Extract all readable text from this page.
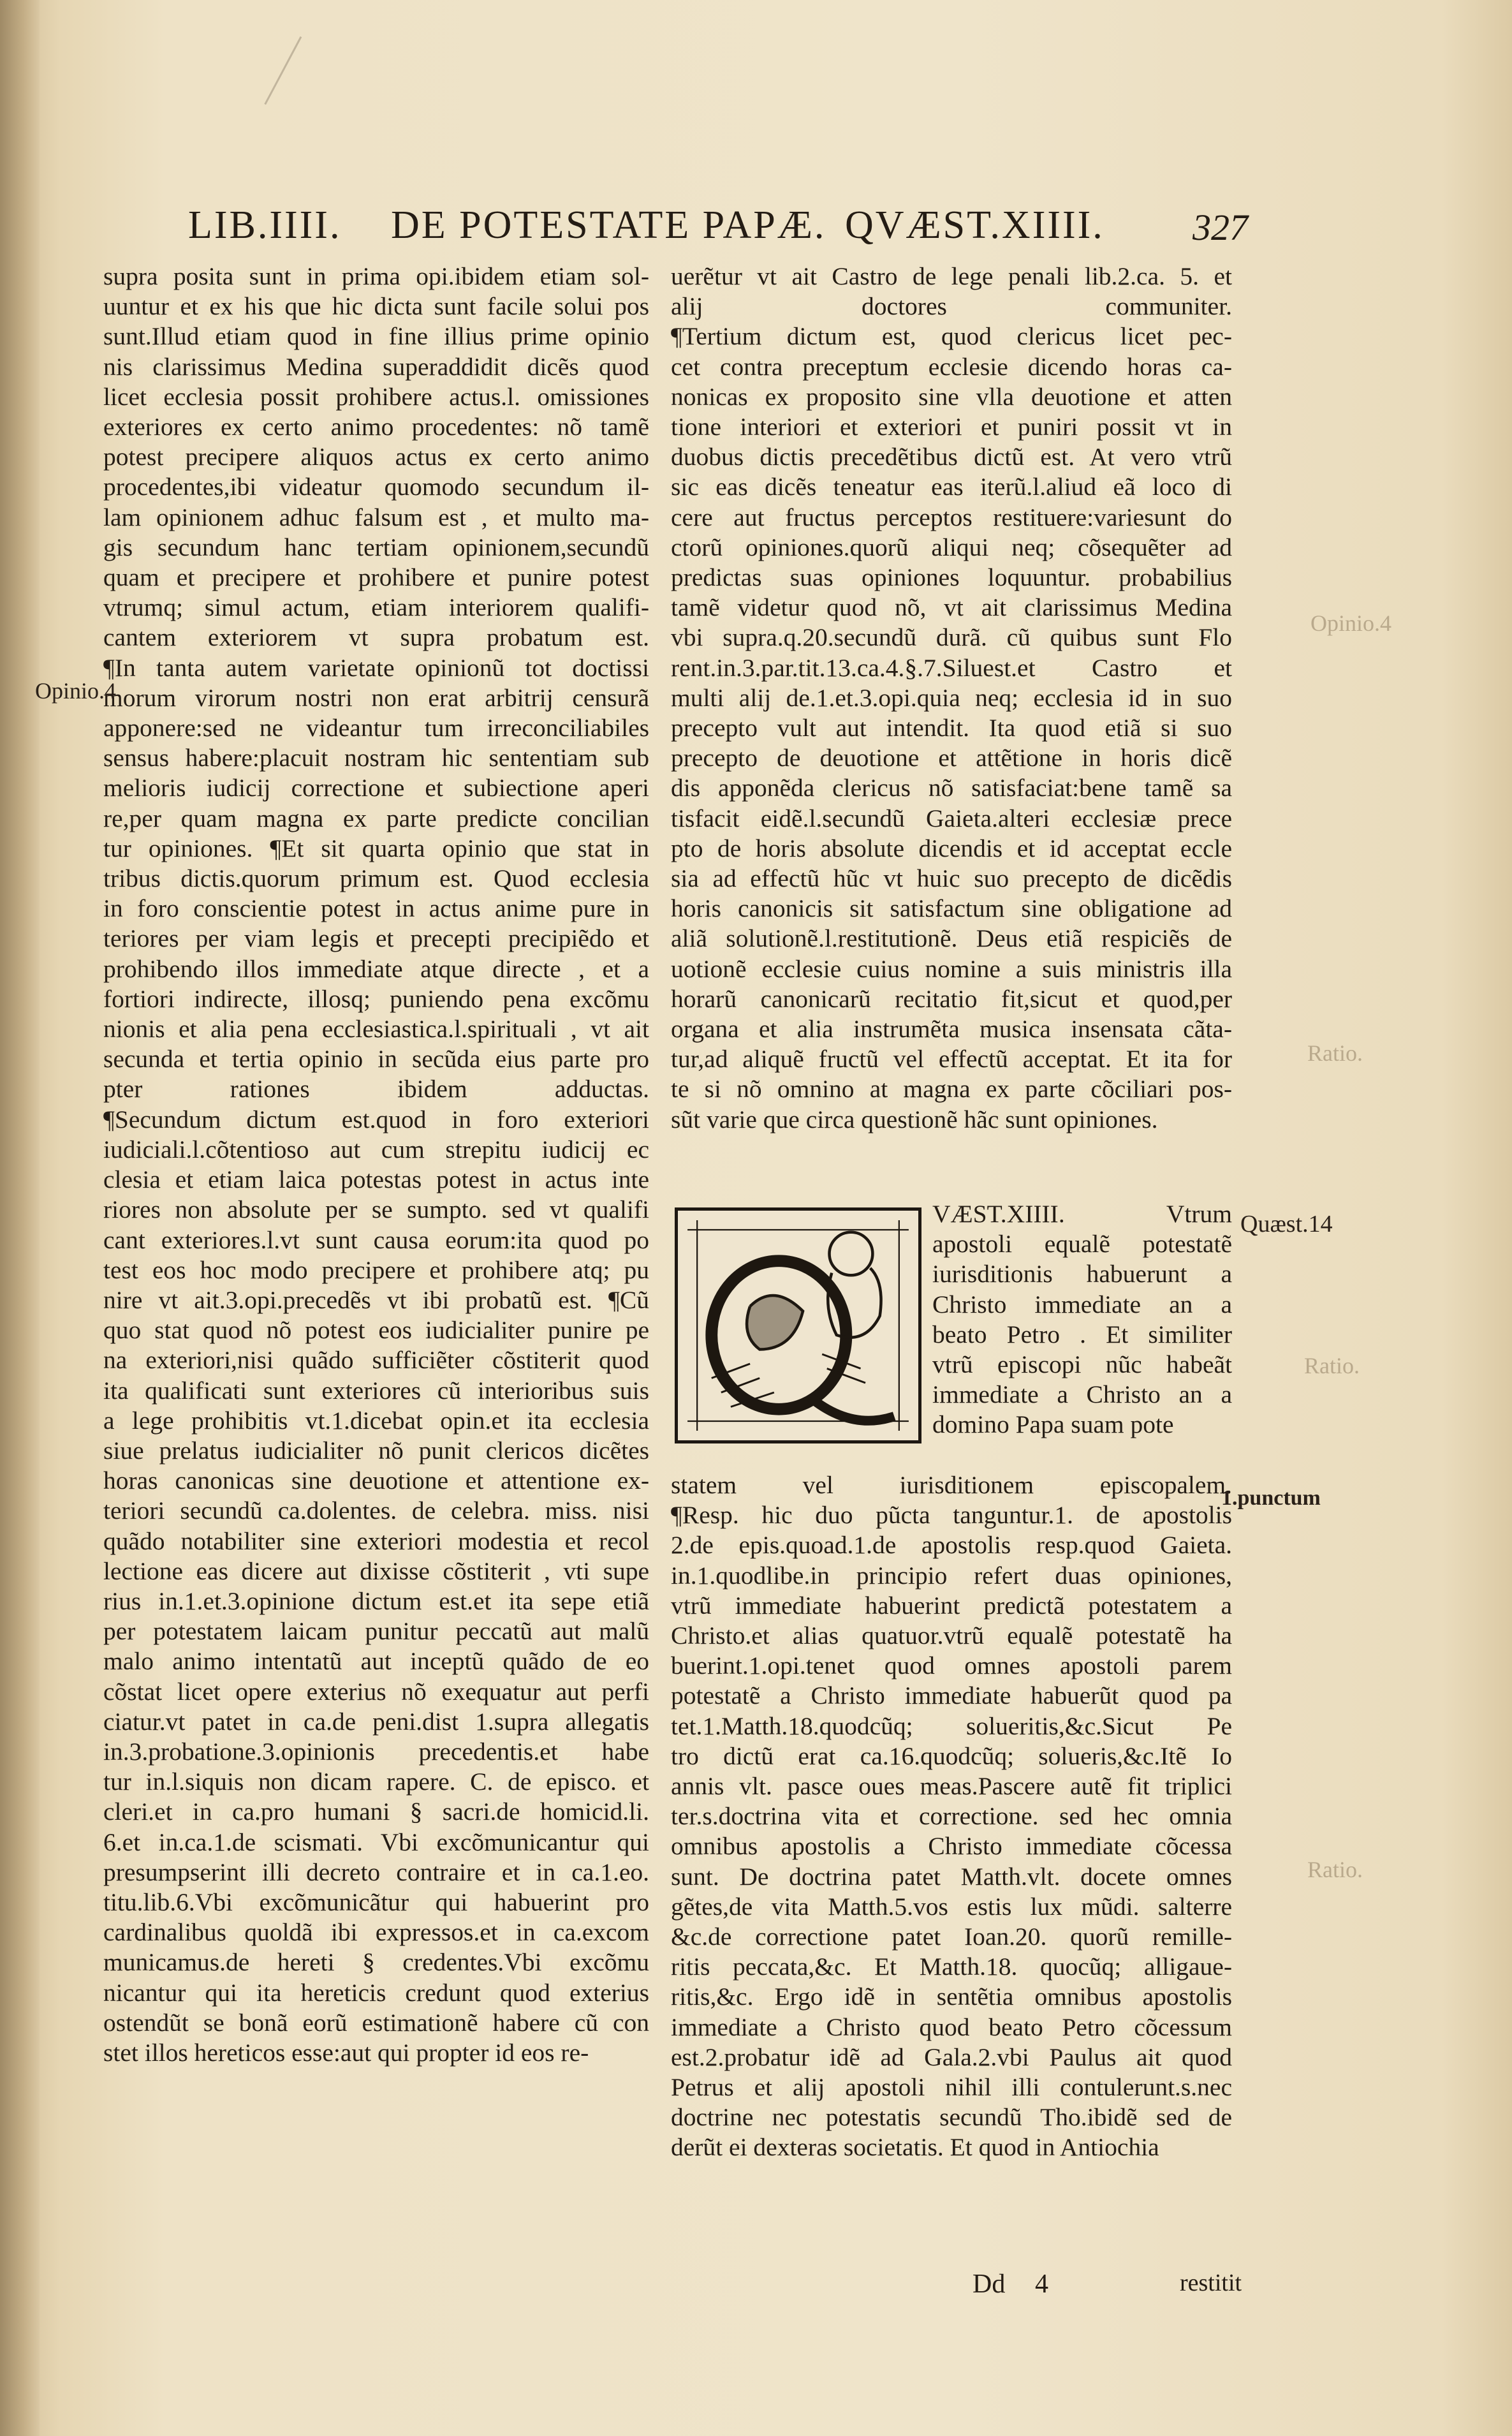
LIB.IIII. DE POTESTATE PAPÆ. QVÆST.XIIII. 327

supra posita sunt in prima opi.ibidem etiam sol-

uuntur et ex his que hic dicta sunt facile solui pos

sunt.Illud etiam quod in fine illius prime opinio

nis clarissimus Medina superaddidit dicẽs quod

licet ecclesia possit prohibere actus.l. omissiones

exteriores ex certo animo procedentes: nõ tamẽ

potest precipere aliquos actus ex certo animo

procedentes,ibi videatur quomodo secundum il-

lam opinionem adhuc falsum est , et multo ma-

gis secundum hanc tertiam opinionem,secundũ

quam et precipere et prohibere et punire potest

vtrumq; simul actum, etiam interiorem qualifi-

cantem exteriorem vt supra probatum est.

¶In tanta autem varietate opinionũ tot doctissi

morum virorum nostri non erat arbitrij censurã

apponere:sed ne videantur tum irreconciliabiles

sensus habere:placuit nostram hic sententiam sub

melioris iudicij correctione et subiectione aperi

re,per quam magna ex parte predicte concilian

tur opiniones. ¶Et sit quarta opinio que stat in

tribus dictis.quorum primum est. Quod ecclesia

in foro conscientie potest in actus anime pure in

teriores per viam legis et precepti precipiẽdo et

prohibendo illos immediate atque directe , et a

fortiori indirecte, illosq; puniendo pena excõmu

nionis et alia pena ecclesiastica.l.spirituali , vt ait

secunda et tertia opinio in secũda eius parte pro

pter rationes ibidem adductas.

¶Secundum dictum est.quod in foro exteriori

iudiciali.l.cõtentioso aut cum strepitu iudicij ec

clesia et etiam laica potestas potest in actus inte

riores non absolute per se sumpto. sed vt qualifi

cant exteriores.l.vt sunt causa eorum:ita quod po

test eos hoc modo precipere et prohibere atq; pu

nire vt ait.3.opi.precedẽs vt ibi probatũ est. ¶Cũ

quo stat quod nõ potest eos iudicialiter punire pe

na exteriori,nisi quãdo sufficiẽter cõstiterit quod

ita qualificati sunt exteriores cũ interioribus suis

a lege prohibitis vt.1.dicebat opin.et ita ecclesia

siue prelatus iudicialiter nõ punit clericos dicẽtes

horas canonicas sine deuotione et attentione ex-

teriori secundũ ca.dolentes. de celebra. miss. nisi

quãdo notabiliter sine exteriori modestia et recol

lectione eas dicere aut dixisse cõstiterit , vti supe

rius in.1.et.3.opinione dictum est.et ita sepe etiã

per potestatem laicam punitur peccatũ aut malũ

malo animo intentatũ aut inceptũ quãdo de eo

cõstat licet opere exterius nõ exequatur aut perfi

ciatur.vt patet in ca.de peni.dist 1.supra allegatis

in.3.probatione.3.opinionis precedentis.et habe

tur in.l.siquis non dicam rapere. C. de episco. et

cleri.et in ca.pro humani § sacri.de homicid.li.

6.et in.ca.1.de scismati. Vbi excõmunicantur qui

presumpserint illi decreto contraire et in ca.1.eo.

titu.lib.6.Vbi excõmunicãtur qui habuerint pro

cardinalibus quoldã ibi expressos.et in ca.excom

municamus.de hereti § credentes.Vbi excõmu

nicantur qui ita hereticis credunt quod exterius

ostendũt se bonã eorũ estimationẽ habere cũ con

stet illos hereticos esse:aut qui propter id eos re-

uerẽtur vt ait Castro de lege penali lib.2.ca. 5. et

alij doctores communiter.

¶Tertium dictum est, quod clericus licet pec-

cet contra preceptum ecclesie dicendo horas ca-

nonicas ex proposito sine vlla deuotione et atten

tione interiori et exteriori et puniri possit vt in

duobus dictis precedẽtibus dictũ est. At vero vtrũ

sic eas dicẽs teneatur eas iterũ.l.aliud eã loco di

cere aut fructus perceptos restituere:variesunt do

ctorũ opiniones.quorũ aliqui neq; cõsequẽter ad

predictas suas opiniones loquuntur. probabilius

tamẽ videtur quod nõ, vt ait clarissimus Medina

vbi supra.q.20.secundũ durã. cũ quibus sunt Flo

rent.in.3.par.tit.13.ca.4.§.7.Siluest.et Castro et

multi alij de.1.et.3.opi.quia neq; ecclesia id in suo

precepto vult aut intendit. Ita quod etiã si suo

precepto de deuotione et attẽtione in horis dicẽ

dis apponẽda clericus nõ satisfaciat:bene tamẽ sa

tisfacit eidẽ.l.secundũ Gaieta.alteri ecclesiæ prece

pto de horis absolute dicendis et id acceptat eccle

sia ad effectũ hũc vt huic suo precepto de dicẽdis

horis canonicis sit satisfactum sine obligatione ad

aliã solutionẽ.l.restitutionẽ. Deus etiã respiciẽs de

uotionẽ ecclesie cuius nomine a suis ministris illa

horarũ canonicarũ recitatio fit,sicut et quod,per

organa et alia instrumẽta musica insensata cãta-

tur,ad aliquẽ fructũ vel effectũ acceptat. Et ita for

te si nõ omnino at magna ex parte cõciliari pos-

sũt varie que circa questionẽ hãc sunt opiniones.

VÆST.XIIII. Vtrum

apostoli equalẽ potestatẽ

iurisditionis habuerunt a

Christo immediate an a

beato Petro . Et similiter

vtrũ episcopi nũc habeãt

immediate a Christo an a

domino Papa suam pote

statem vel iurisditionem episcopalem.

¶Resp. hic duo pũcta tanguntur.1. de apostolis

2.de epis.quoad.1.de apostolis resp.quod Gaieta.

in.1.quodlibe.in principio refert duas opiniones,

vtrũ immediate habuerint predictã potestatem a

Christo.et alias quatuor.vtrũ equalẽ potestatẽ ha

buerint.1.opi.tenet quod omnes apostoli parem

potestatẽ a Christo immediate habuerũt quod pa

tet.1.Matth.18.quodcũq; solueritis,&c.Sicut Pe

tro dictũ erat ca.16.quodcũq; solueris,&c.Itẽ Io

annis vlt. pasce oues meas.Pascere autẽ fit triplici

ter.s.doctrina vita et correctione. sed hec omnia

omnibus apostolis a Christo immediate cõcessa

sunt. De doctrina patet Matth.vlt. docete omnes

gẽtes,de vita Matth.5.vos estis lux mũdi. salterre

&c.de correctione patet Ioan.20. quorũ remille-

ritis peccata,&c. Et Matth.18. quocũq; alligaue-

ritis,&c. Ergo idẽ in sentẽtia omnibus apostolis

immediate a Christo quod beato Petro cõcessum

est.2.probatur idẽ ad Gala.2.vbi Paulus ait quod

Petrus et alij apostoli nihil illi contulerunt.s.nec

doctrine nec potestatis secundũ Tho.ibidẽ sed de

derũt ei dexteras societatis. Et quod in Antiochia

Opinio.4
Quæst.14
1.punctum
Opinio.4
Ratio.
Ratio.
Ratio.
Dd 4	restitit
